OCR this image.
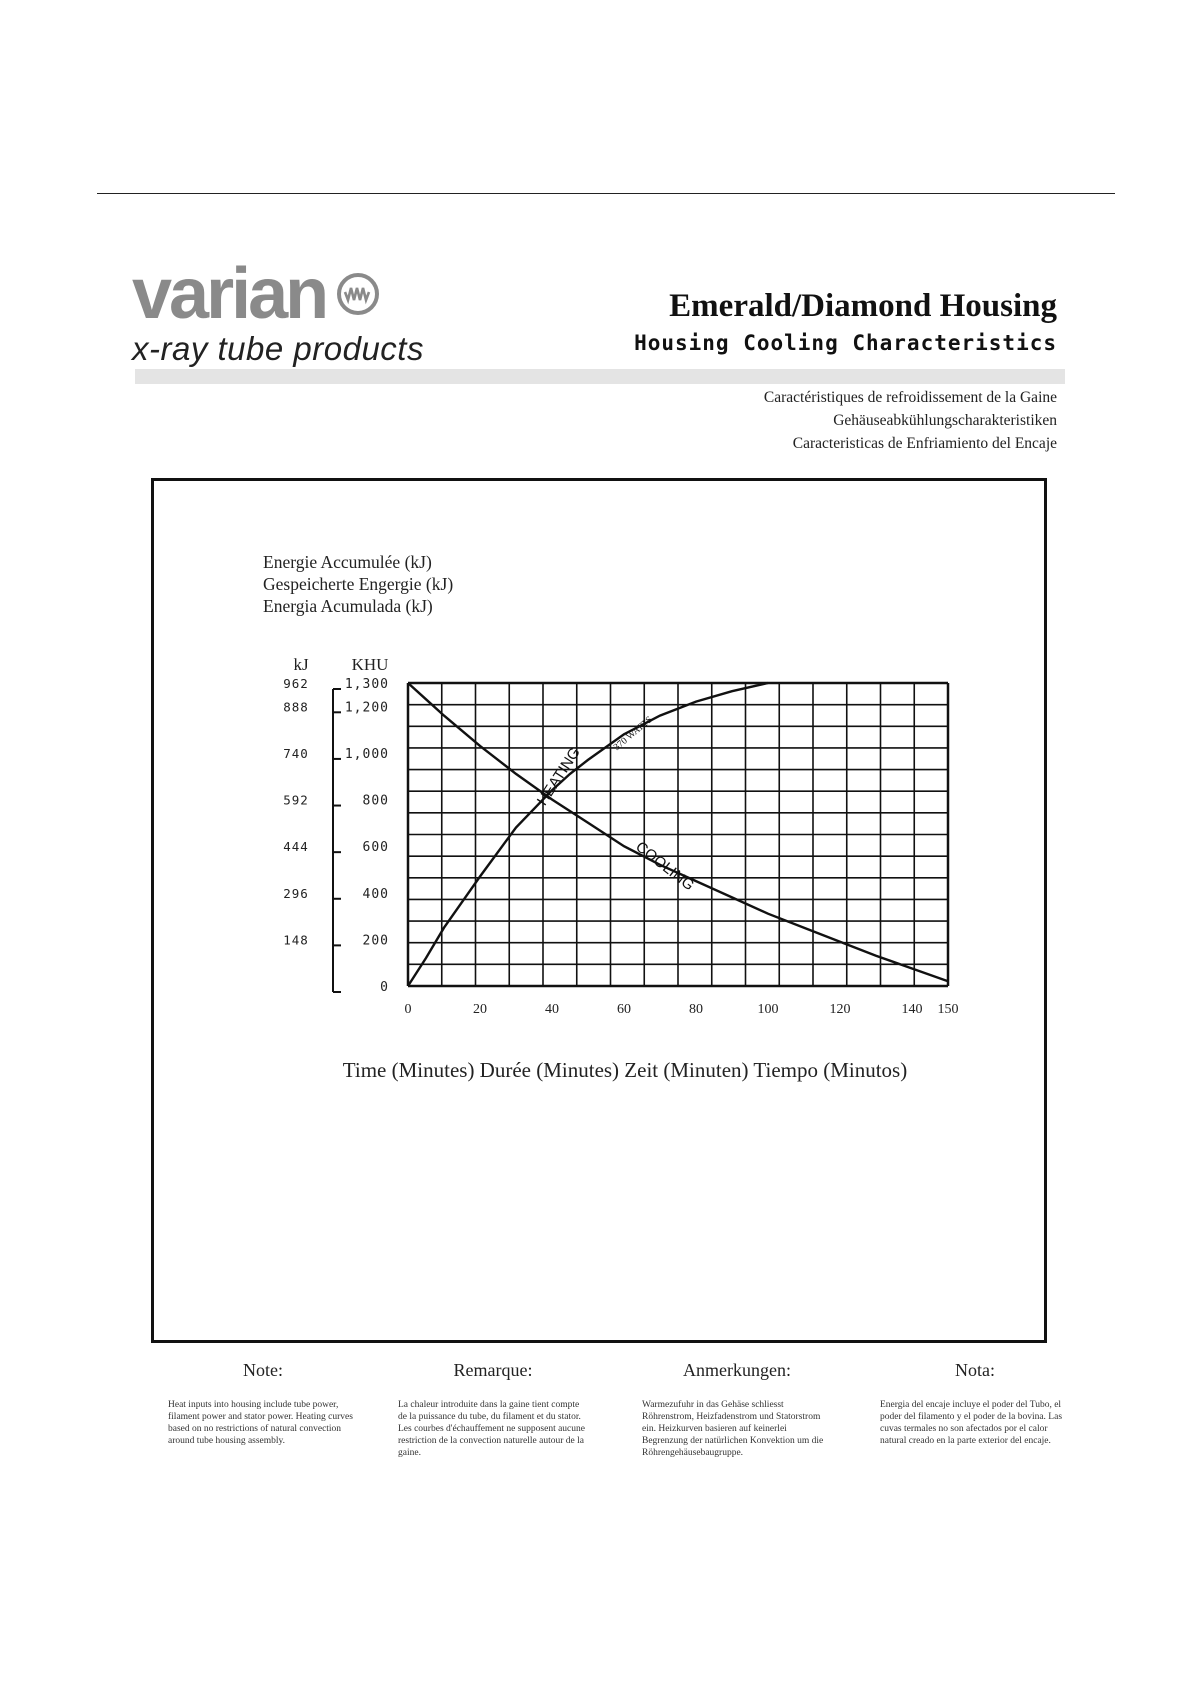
varian
x-ray tube products
Emerald/Diamond Housing
Housing Cooling Characteristics
Caractéristiques de refroidissement de la Gaine
Gehäuseabkühlungscharakteristiken
Caracteristicas de Enfriamiento del Encaje
Energie Accumulée (kJ)
Gespeicherte Engergie (kJ)
Energia Acumulada (kJ)
kJ	KHU
1,300
1,200
1,000
800
600
400
200
0
962
888
740
592
444
296
148
0	20	40	60	80	100	120	140 150
HEATING
370 WATTS
COOLING
Time (Minutes) Durée (Minutes) Zeit (Minuten) Tiempo (Minutos)
Note:
Heat inputs into housing include tube power, filament power and stator power. Heating curves based on no restrictions of natural convection around tube housing assembly.
Remarque:
La chaleur introduite dans la gaine tient compte de la puissance du tube, du filament et du stator. Les courbes d'échauffement ne supposent aucune restriction de la convection naturelle autour de la gaine.
Anmerkungen:
Warmezufuhr in das Gehäse schliesst Röhrenstrom, Heizfadenstrom und Statorstrom ein. Heizkurven basieren auf keinerlei Begrenzung der natürlichen Konvektion um die Röhrengehäusebaugruppe.
Nota:
Energia del encaje incluye el poder del Tubo, el poder del filamento y el poder de la bovina. Las cuvas termales no son afectados por el calor natural creado en la parte exterior del encaje.
